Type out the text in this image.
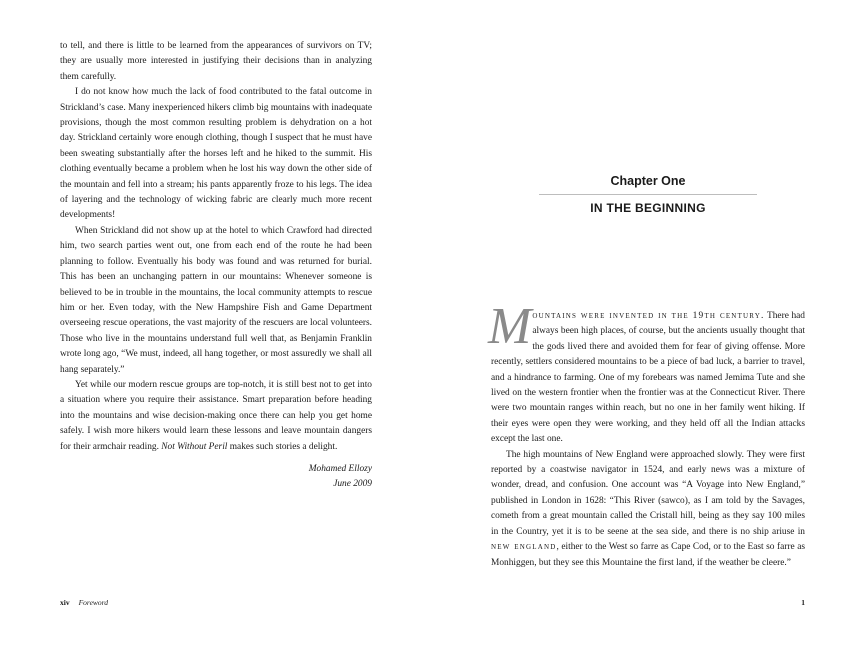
to tell, and there is little to be learned from the appearances of survivors on TV; they are usually more interested in justifying their decisions than in analyzing them carefully.

I do not know how much the lack of food contributed to the fatal outcome in Strickland’s case. Many inexperienced hikers climb big mountains with inadequate provisions, though the most common resulting problem is dehydration on a hot day. Strickland certainly wore enough clothing, though I suspect that he must have been sweating substantially after the horses left and he hiked to the summit. His clothing eventually became a problem when he lost his way down the other side of the mountain and fell into a stream; his pants apparently froze to his legs. The idea of layering and the technology of wicking fabric are clearly much more recent developments!

When Strickland did not show up at the hotel to which Crawford had directed him, two search parties went out, one from each end of the route he had been planning to follow. Eventually his body was found and was returned for burial. This has been an unchanging pattern in our mountains: Whenever someone is believed to be in trouble in the mountains, the local community attempts to rescue him or her. Even today, with the New Hampshire Fish and Game Department overseeing rescue operations, the vast majority of the rescuers are local volunteers. Those who live in the mountains understand full well that, as Benjamin Franklin wrote long ago, “We must, indeed, all hang together, or most assuredly we shall all hang separately.”

Yet while our modern rescue groups are top-notch, it is still best not to get into a situation where you require their assistance. Smart preparation before heading into the mountains and wise decision-making once there can help you get home safely. I wish more hikers would learn these lessons and leave mountain dangers for their armchair reading. Not Without Peril makes such stories a delight.

Mohamed Ellozy
June 2009
xiv Foreword
Chapter One
IN THE BEGINNING

Mountains were invented in the 19th century. There had always been high places, of course, but the ancients usually thought that the gods lived there and avoided them for fear of giving offense. More recently, settlers considered mountains to be a piece of bad luck, a barrier to travel, and a hindrance to farming. One of my forebears was named Jemima Tute and she lived on the western frontier when the frontier was at the Connecticut River. There were two mountain ranges within reach, but no one in her family went hiking. If their eyes were open they were working, and they held off all the Indian attacks except the last one.

The high mountains of New England were approached slowly. They were first reported by a coastwise navigator in 1524, and early news was a mixture of wonder, dread, and confusion. One account was “A Voyage into New England,” published in London in 1628: “This River (sawco), as I am told by the Savages, cometh from a great mountain called the Cristall hill, being as they say 100 miles in the Country, yet it is to be seene at the sea side, and there is no ship ariuse in new england, either to the West so farre as Cape Cod, or to the East so farre as Monhiggen, but they see this Mountaine the first land, if the weather be cleere.”

1
